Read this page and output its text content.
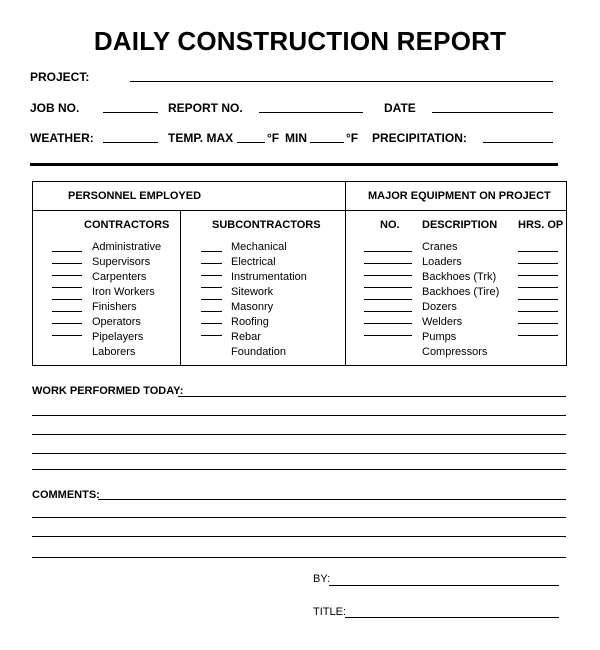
DAILY CONSTRUCTION REPORT
PROJECT:
JOB NO.	REPORT NO.	DATE
WEATHER:	TEMP. MAX	°F MIN	°F PRECIPITATION:
PERSONNEL EMPLOYED	MAJOR EQUIPMENT ON PROJECT
CONTRACTORS	SUBCONTRACTORS	NO. DESCRIPTION HRS. OP
Administrative
Supervisors
Carpenters
Iron Workers
Finishers
Operators
Pipelayers
Laborers
Mechanical
Electrical
Instrumentation
Sitework
Masonry
Roofing
Rebar
Foundation
Cranes
Loaders
Backhoes (Trk)
Backhoes (Tire)
Dozers
Welders
Pumps
Compressors
WORK PERFORMED TODAY:
COMMENTS:
BY:
TITLE:
